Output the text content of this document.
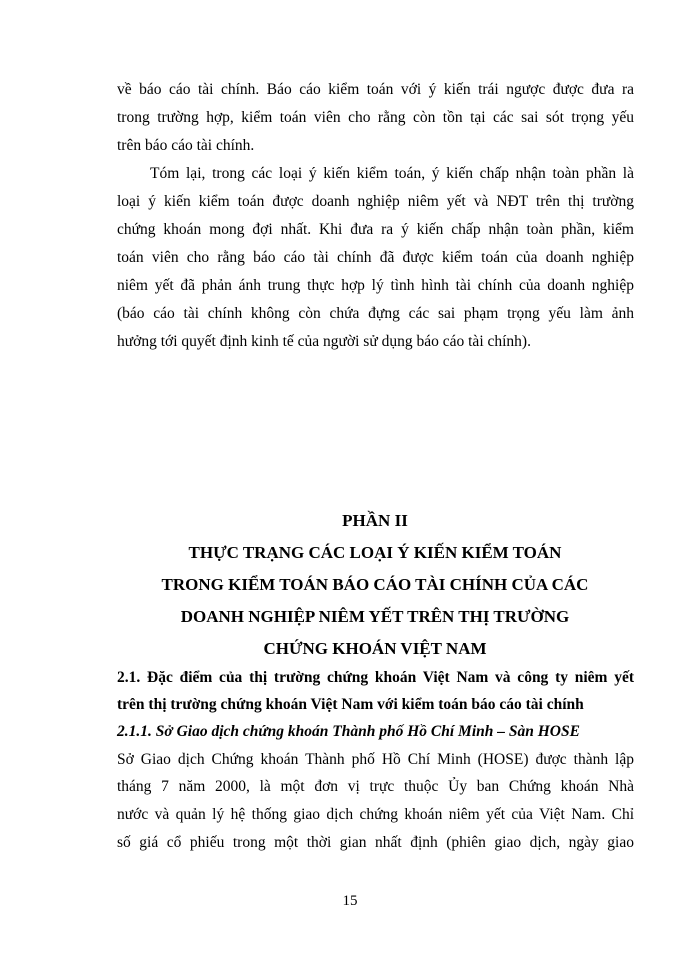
về báo cáo tài chính. Báo cáo kiểm toán với ý kiến trái ngược được đưa ra
trong trường hợp, kiểm toán viên cho rằng còn tồn tại các sai sót trọng yếu
trên báo cáo tài chính.
Tóm lại, trong các loại ý kiến kiểm toán, ý kiến chấp nhận toàn phần là
loại ý kiến kiểm toán được doanh nghiệp niêm yết và NĐT trên thị trường
chứng khoán mong đợi nhất. Khi đưa ra ý kiến chấp nhận toàn phần, kiểm
toán viên cho rằng báo cáo tài chính đã được kiểm toán của doanh nghiệp
niêm yết đã phản ánh trung thực hợp lý tình hình tài chính của doanh nghiệp
(báo cáo tài chính không còn chứa đựng các sai phạm trọng yếu làm ảnh
hưởng tới quyết định kinh tế của người sử dụng báo cáo tài chính).
PHẦN II
THỰC TRẠNG CÁC LOẠI Ý KIẾN KIỂM TOÁN
TRONG KIỂM TOÁN BÁO CÁO TÀI CHÍNH CỦA CÁC
DOANH NGHIỆP NIÊM YẾT TRÊN THỊ TRƯỜNG
CHỨNG KHOÁN VIỆT NAM
2.1. Đặc điểm của thị trường chứng khoán Việt Nam và công ty niêm yết
trên thị trường chứng khoán Việt Nam với kiểm toán báo cáo tài chính
2.1.1. Sở Giao dịch chứng khoán Thành phố Hồ Chí Minh – Sàn HOSE
Sở Giao dịch Chứng khoán Thành phố Hồ Chí Minh (HOSE) được thành lập
tháng 7 năm 2000, là một đơn vị trực thuộc Ủy ban Chứng khoán Nhà
nước và quản lý hệ thống giao dịch chứng khoán niêm yết của Việt Nam. Chỉ
số giá cổ phiếu trong một thời gian nhất định (phiên giao dịch, ngày giao
15
